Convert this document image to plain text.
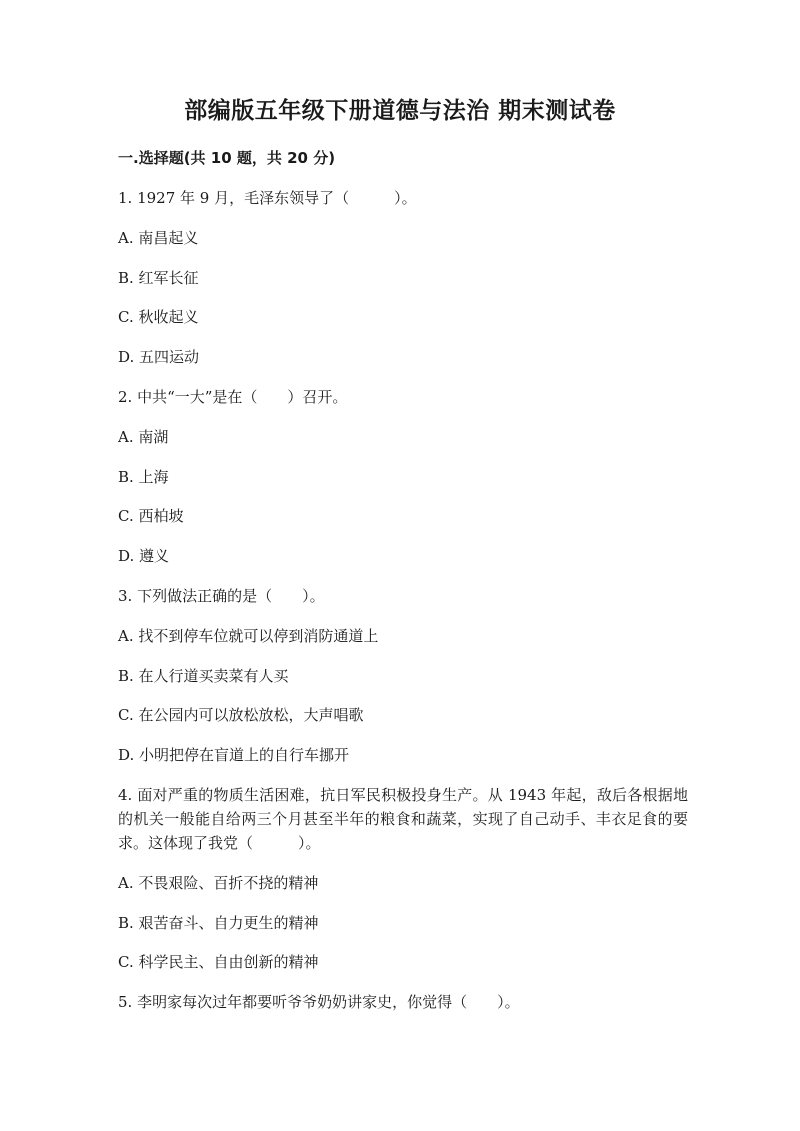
部编版五年级下册道德与法治 期末测试卷
一.选择题(共 10 题，共 20 分)
1. 1927 年 9 月，毛泽东领导了（　　　）。
A. 南昌起义
B. 红军长征
C. 秋收起义
D. 五四运动
2. 中共“一大”是在（　　）召开。
A. 南湖
B. 上海
C. 西柏坡
D. 遵义
3. 下列做法正确的是（　　）。
A. 找不到停车位就可以停到消防通道上
B. 在人行道买卖菜有人买
C. 在公园内可以放松放松，大声唱歌
D. 小明把停在盲道上的自行车挪开
4. 面对严重的物质生活困难，抗日军民积极投身生产。从 1943 年起，敌后各根据地的机关一般能自给两三个月甚至半年的粮食和蔬菜，实现了自己动手、丰衣足食的要求。这体现了我党（　　　）。
A. 不畏艰险、百折不挠的精神
B. 艰苦奋斗、自力更生的精神
C. 科学民主、自由创新的精神
5. 李明家每次过年都要听爷爷奶奶讲家史，你觉得（　　）。
